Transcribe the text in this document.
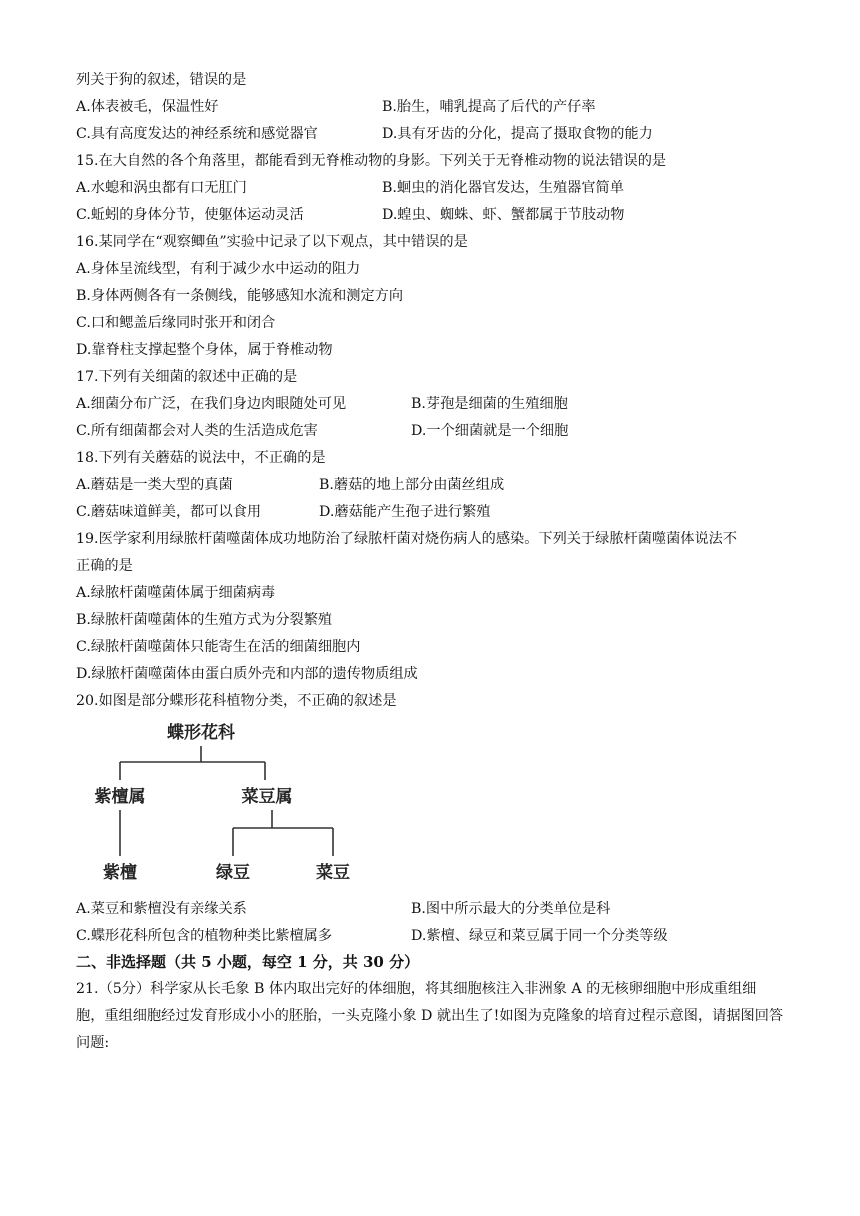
列关于狗的叙述，错误的是
A.体表被毛，保温性好	B.胎生，哺乳提高了后代的产仔率
C.具有高度发达的神经系统和感觉器官	D.具有牙齿的分化，提高了摄取食物的能力
15.在大自然的各个角落里，都能看到无脊椎动物的身影。下列关于无脊椎动物的说法错误的是
A.水螅和涡虫都有口无肛门	B.蛔虫的消化器官发达，生殖器官简单
C.蚯蚓的身体分节，使躯体运动灵活	D.蝗虫、蜘蛛、虾、蟹都属于节肢动物
16.某同学在“观察鲫鱼”实验中记录了以下观点，其中错误的是
A.身体呈流线型，有利于减少水中运动的阻力
B.身体两侧各有一条侧线，能够感知水流和测定方向
C.口和鳃盖后缘同时张开和闭合
D.靠脊柱支撑起整个身体，属于脊椎动物
17.下列有关细菌的叙述中正确的是
A.细菌分布广泛，在我们身边肉眼随处可见	B.芽孢是细菌的生殖细胞
C.所有细菌都会对人类的生活造成危害	D.一个细菌就是一个细胞
18.下列有关蘑菇的说法中，不正确的是
A.蘑菇是一类大型的真菌	B.蘑菇的地上部分由菌丝组成
C.蘑菇味道鲜美，都可以食用	D.蘑菇能产生孢子进行繁殖
19.医学家利用绿脓杆菌噬菌体成功地防治了绿脓杆菌对烧伤病人的感染。下列关于绿脓杆菌噬菌体说法不
正确的是
A.绿脓杆菌噬菌体属于细菌病毒
B.绿脓杆菌噬菌体的生殖方式为分裂繁殖
C.绿脓杆菌噬菌体只能寄生在活的细菌细胞内
D.绿脓杆菌噬菌体由蛋白质外壳和内部的遗传物质组成
20.如图是部分蝶形花科植物分类，不正确的叙述是
蝶形花科
紫檀属	菜豆属
紫檀	绿豆	菜豆
A.菜豆和紫檀没有亲缘关系	B.图中所示最大的分类单位是科
C.蝶形花科所包含的植物种类比紫檀属多	D.紫檀、绿豆和菜豆属于同一个分类等级
二、非选择题（共 5 小题，每空 1 分，共 30 分）
21.（5分）科学家从长毛象 B 体内取出完好的体细胞，将其细胞核注入非洲象 A 的无核卵细胞中形成重组细胞，重组细胞经过发育形成小小的胚胎，一头克隆小象 D 就出生了!如图为克隆象的培育过程示意图，请据图回答问题:
